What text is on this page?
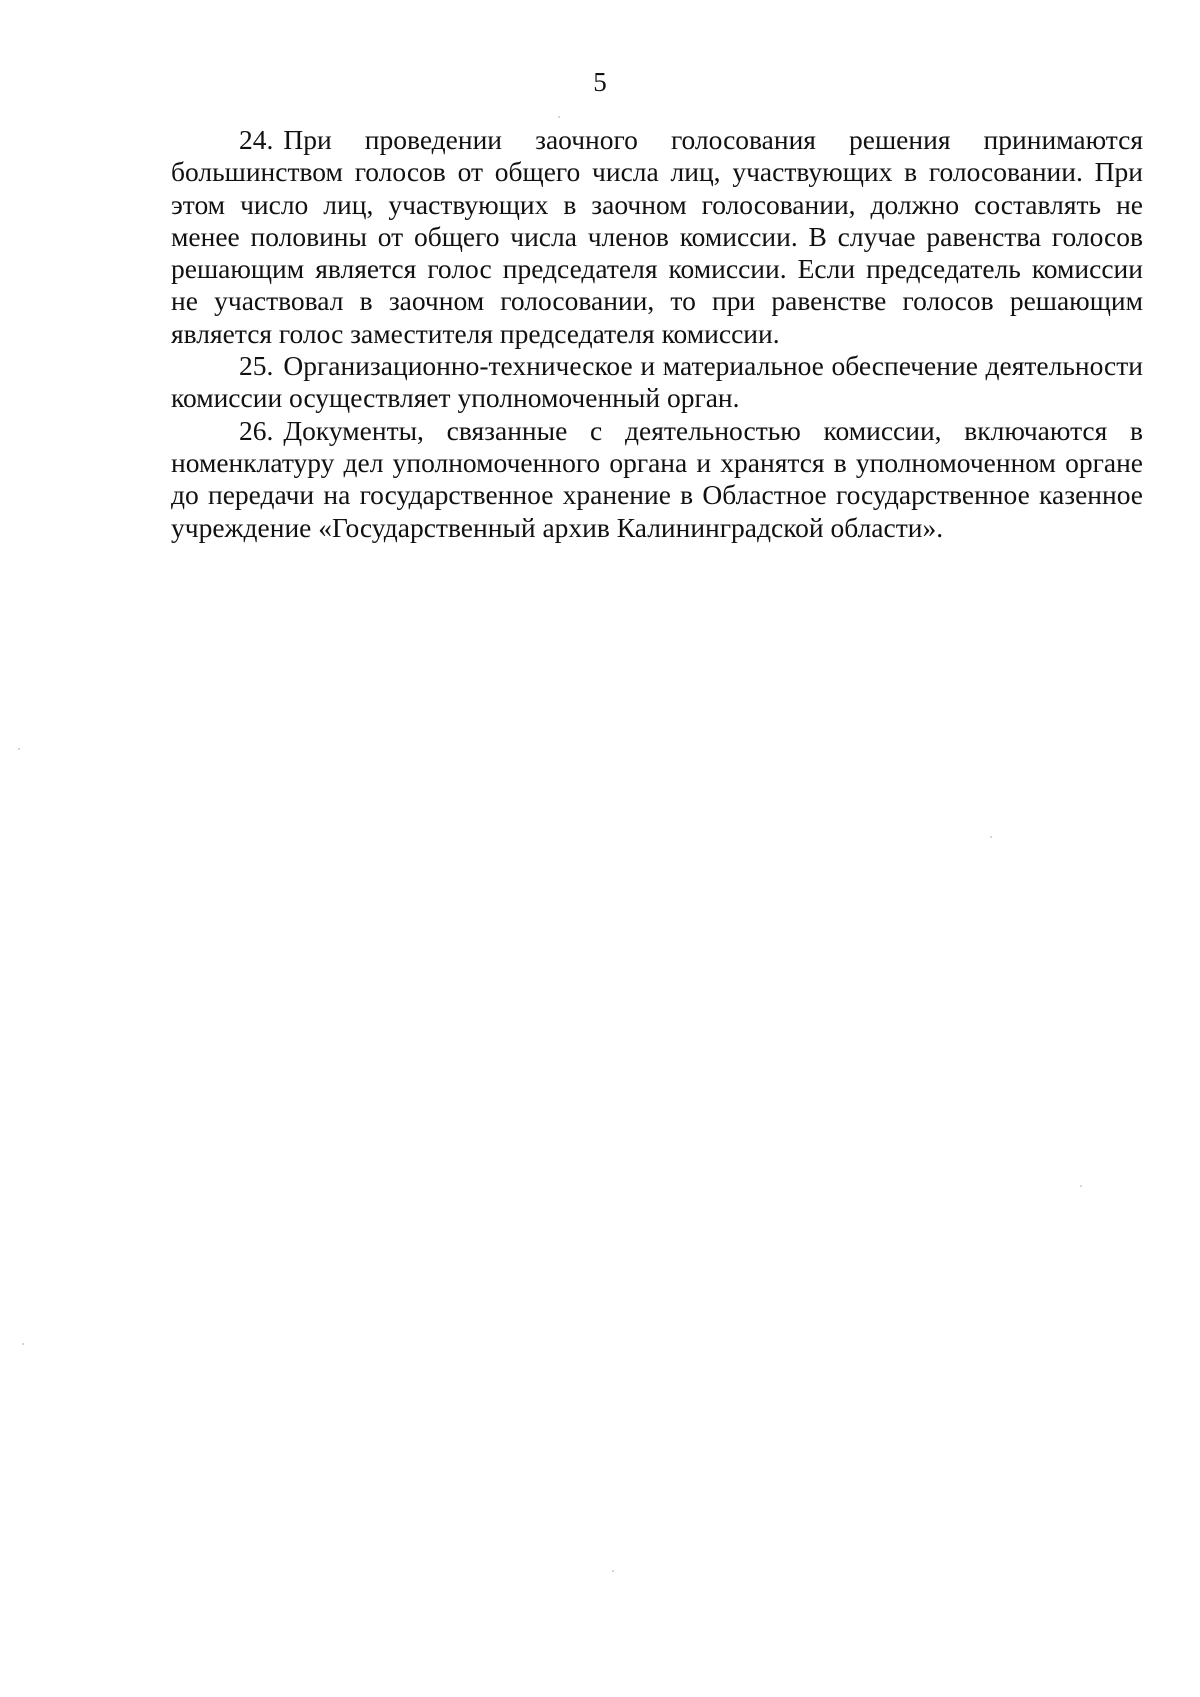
5

24. При проведении заочного голосования решения принимаются большинством голосов от общего числа лиц, участвующих в голосовании. При этом число лиц, участвующих в заочном голосовании, должно составлять не менее половины от общего числа членов комиссии. В случае равенства голосов решающим является голос председателя комиссии. Если председатель комиссии не участвовал в заочном голосовании, то при равенстве голосов решающим является голос заместителя председателя комиссии.

25. Организационно-техническое и материальное обеспечение деятельности комиссии осуществляет уполномоченный орган.

26. Документы, связанные с деятельностью комиссии, включаются в номенклатуру дел уполномоченного органа и хранятся в уполномоченном органе до передачи на государственное хранение в Областное государственное казенное учреждение «Государственный архив Калининградской области».
